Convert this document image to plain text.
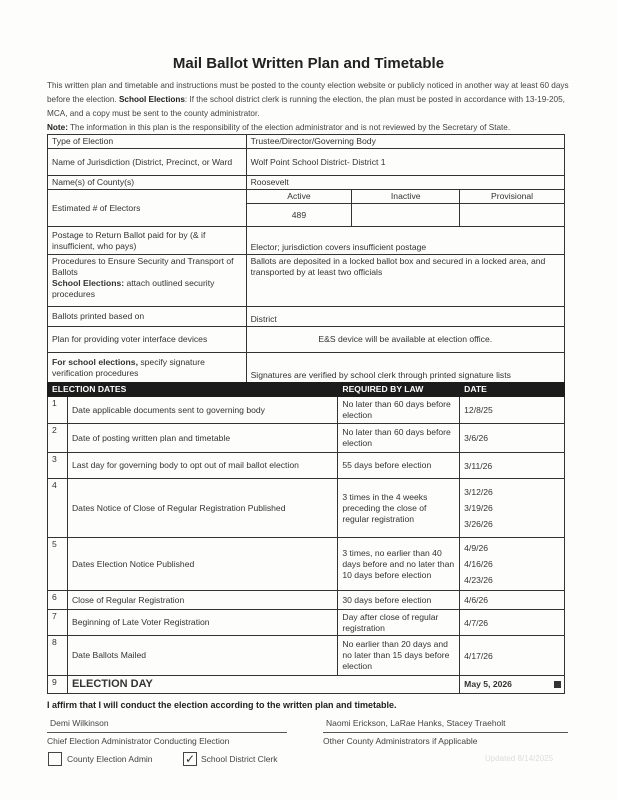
Mail Ballot Written Plan and Timetable
This written plan and timetable and instructions must be posted to the county election website or publicly noticed in another way at least 60 days before the election. School Elections: If the school district clerk is running the election, the plan must be posted in accordance with 13-19-205, MCA, and a copy must be sent to the county administrator.
Note: The information in this plan is the responsibility of the election administrator and is not reviewed by the Secretary of State.
Type of Election	Trustee/Director/Governing Body		
Name of Jurisdiction (District, Precinct, or Ward	Wolf Point School District- District 1		
Name(s) of County(s)	Roosevelt		
Estimated # of Electors	Active	Inactive	Provisional
	489		
Postage to Return Ballot paid for by (& if insufficient, who pays)	Elector; jurisdiction covers insufficient postage		
Procedures to Ensure Security and Transport of Ballots
School Elections: attach outlined security procedures	Ballots are deposited in a locked ballot box and secured in a locked area, and transported by at least two officials		
Ballots printed based on	District		
Plan for providing voter interface devices	E&S device will be available at election office.		
For school elections, specify signature verification procedures	Signatures are verified by school clerk through printed signature lists		
ELECTION DATES		REQUIRED BY LAW	DATE
1	Date applicable documents sent to governing body	No later than 60 days before election	12/8/25

2	Date of posting written plan and timetable	No later than 60 days before election	3/6/26

3	Last day for governing body to opt out of mail ballot election	55 days before election	3/11/26

4	Dates Notice of Close of Regular Registration Published	3 times in the 4 weeks preceding the close of regular registration	3/12/26
3/19/26
3/26/26

5	Dates Election Notice Published	3 times, no earlier than 40 days before and no later than 10 days before election	4/9/26
4/16/26
4/23/26

6	Close of Regular Registration	30 days before election	4/6/26

7	Beginning of Late Voter Registration	Day after close of regular registration	4/7/26

8	Date Ballots Mailed	No earlier than 20 days and no later than 15 days before election	4/17/26

9	ELECTION DAY		May 5, 2026
I affirm that I will conduct the election according to the written plan and timetable.
Demi Wilkinson
Chief Election Administrator Conducting Election
Naomi Erickson, LaRae Hanks, Stacey Traeholt
Other County Administrators if Applicable
County Election Admin	✓ School District Clerk	Updated 8/14/2025
